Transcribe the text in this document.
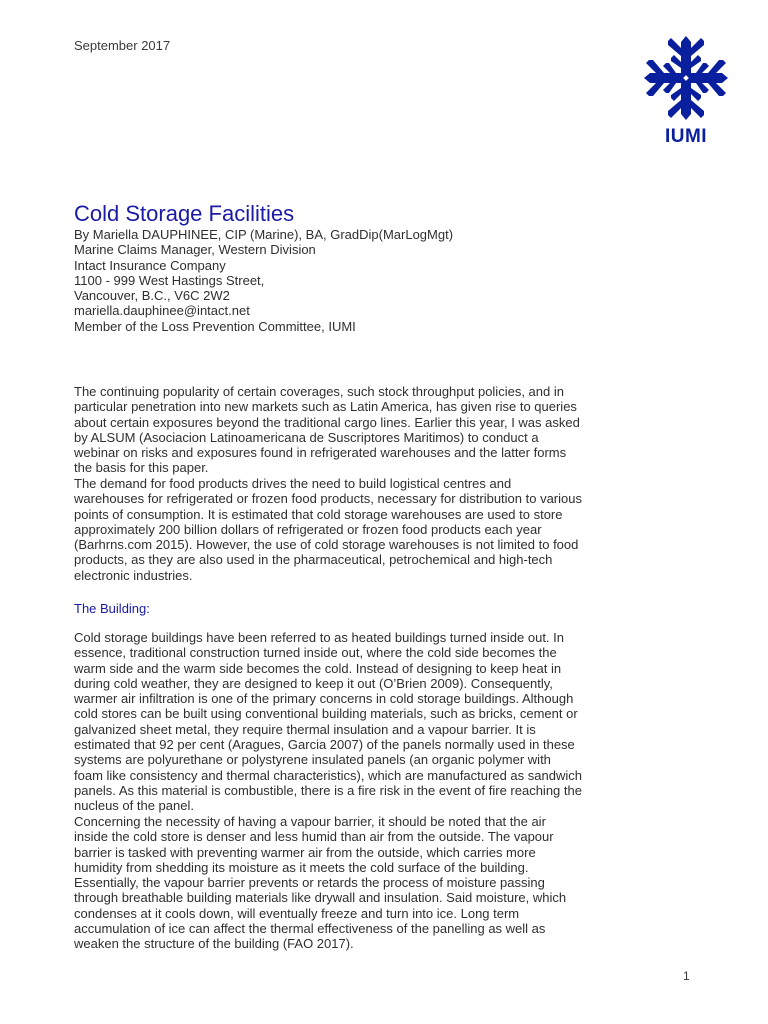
September 2017
IUMI
Cold Storage Facilities
By Mariella DAUPHINEE, CIP (Marine), BA, GradDip(MarLogMgt)
Marine Claims Manager, Western Division
Intact Insurance Company
1100 - 999 West Hastings Street,
Vancouver, B.C., V6C 2W2
mariella.dauphinee@intact.net
Member of the Loss Prevention Committee, IUMI
The continuing popularity of certain coverages, such stock throughput policies, and in
particular penetration into new markets such as Latin America, has given rise to queries
about certain exposures beyond the traditional cargo lines. Earlier this year, I was asked
by ALSUM (Asociacion Latinoamericana de Suscriptores Maritimos) to conduct a
webinar on risks and exposures found in refrigerated warehouses and the latter forms
the basis for this paper.
The demand for food products drives the need to build logistical centres and
warehouses for refrigerated or frozen food products, necessary for distribution to various
points of consumption. It is estimated that cold storage warehouses are used to store
approximately 200 billion dollars of refrigerated or frozen food products each year
(Barhrns.com 2015). However, the use of cold storage warehouses is not limited to food
products, as they are also used in the pharmaceutical, petrochemical and high-tech
electronic industries.
The Building:
Cold storage buildings have been referred to as heated buildings turned inside out. In
essence, traditional construction turned inside out, where the cold side becomes the
warm side and the warm side becomes the cold. Instead of designing to keep heat in
during cold weather, they are designed to keep it out (O’Brien 2009). Consequently,
warmer air infiltration is one of the primary concerns in cold storage buildings. Although
cold stores can be built using conventional building materials, such as bricks, cement or
galvanized sheet metal, they require thermal insulation and a vapour barrier. It is
estimated that 92 per cent (Aragues, Garcia 2007) of the panels normally used in these
systems are polyurethane or polystyrene insulated panels (an organic polymer with
foam like consistency and thermal characteristics), which are manufactured as sandwich
panels. As this material is combustible, there is a fire risk in the event of fire reaching the
nucleus of the panel.
Concerning the necessity of having a vapour barrier, it should be noted that the air
inside the cold store is denser and less humid than air from the outside. The vapour
barrier is tasked with preventing warmer air from the outside, which carries more
humidity from shedding its moisture as it meets the cold surface of the building.
Essentially, the vapour barrier prevents or retards the process of moisture passing
through breathable building materials like drywall and insulation. Said moisture, which
condenses at it cools down, will eventually freeze and turn into ice. Long term
accumulation of ice can affect the thermal effectiveness of the panelling as well as
weaken the structure of the building (FAO 2017).
1
